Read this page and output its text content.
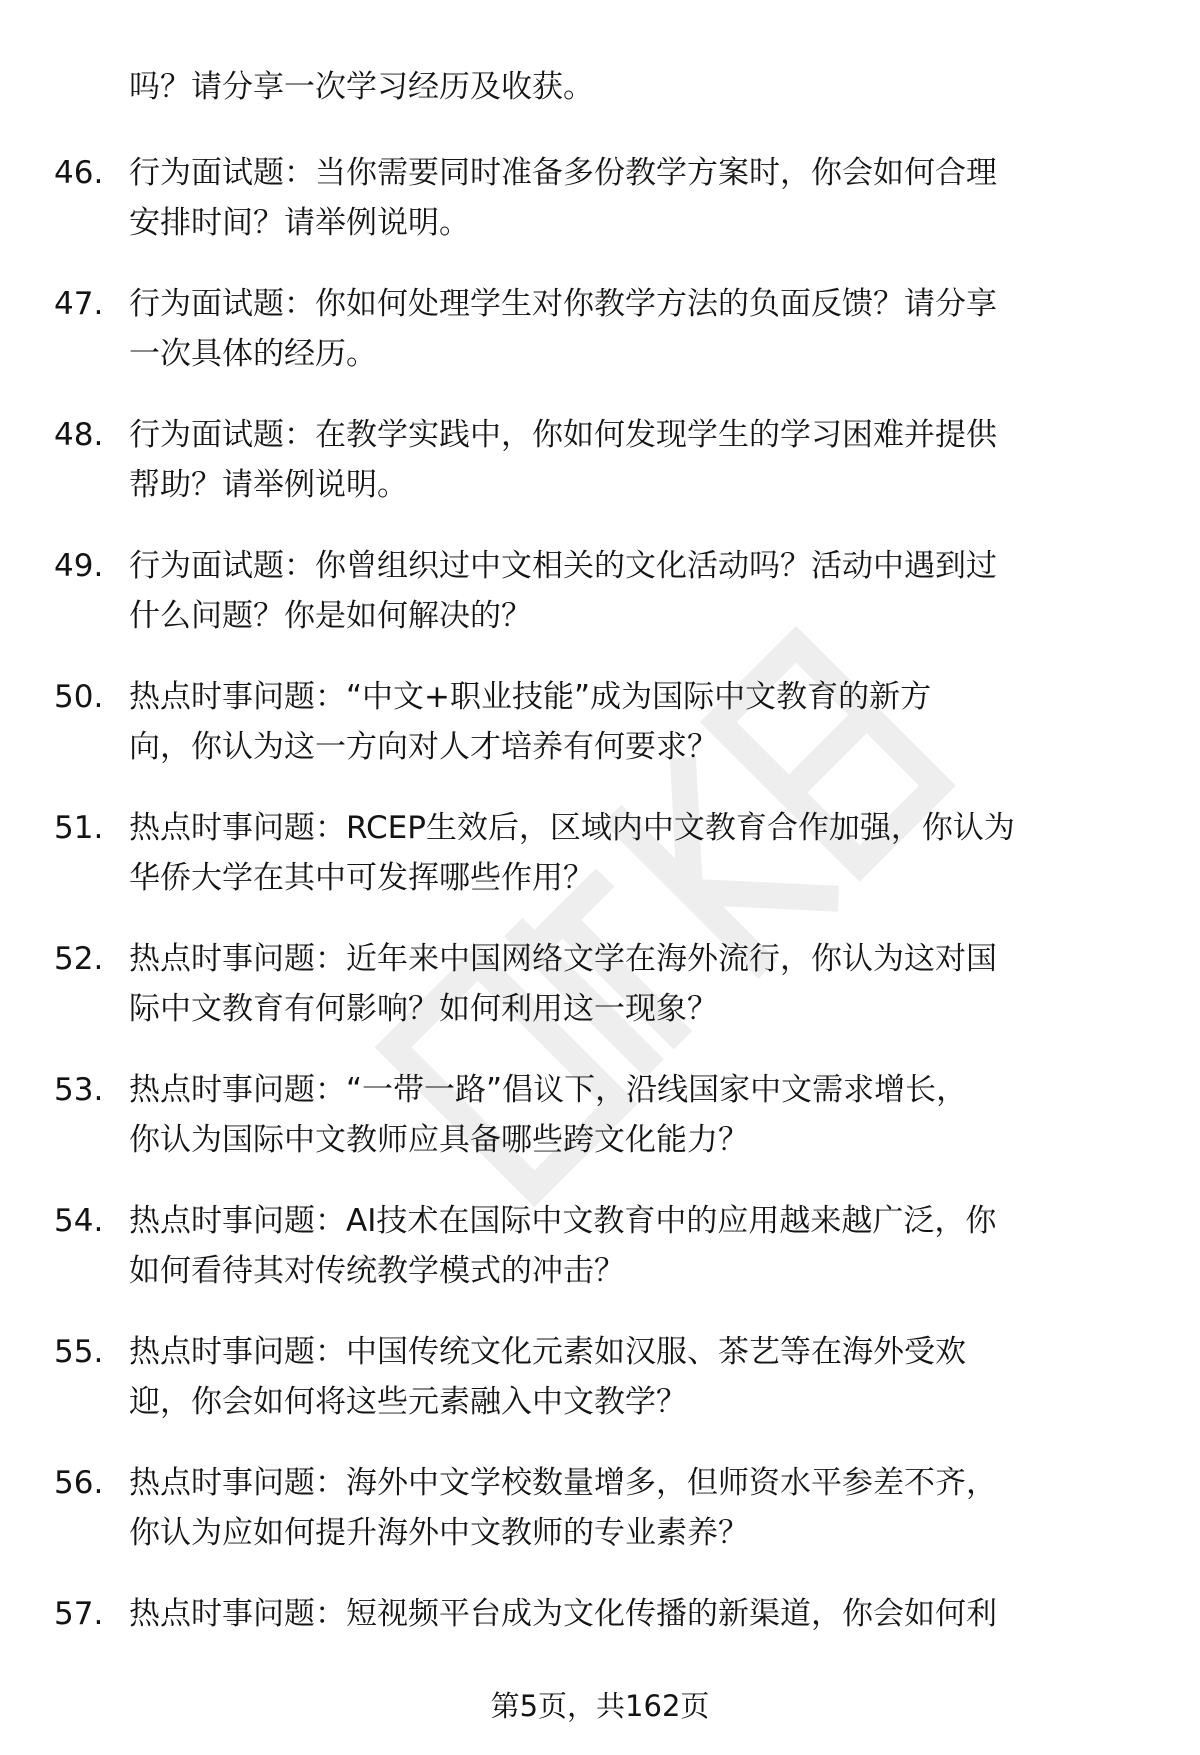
吗？请分享一次学习经历及收获。

46. 行为面试题：当你需要同时准备多份教学方案时，你会如何合理
安排时间？请举例说明。
47. 行为面试题：你如何处理学生对你教学方法的负面反馈？请分享
一次具体的经历。
48. 行为面试题：在教学实践中，你如何发现学生的学习困难并提供
帮助？请举例说明。
49. 行为面试题：你曾组织过中文相关的文化活动吗？活动中遇到过
什么问题？你是如何解决的？
50. 热点时事问题：“中文+职业技能”成为国际中文教育的新方
向，你认为这一方向对人才培养有何要求？
51. 热点时事问题：RCEP生效后，区域内中文教育合作加强，你认为
华侨大学在其中可发挥哪些作用？
52. 热点时事问题：近年来中国网络文学在海外流行，你认为这对国
际中文教育有何影响？如何利用这一现象？
53. 热点时事问题：“一带一路”倡议下，沿线国家中文需求增长，
你认为国际中文教师应具备哪些跨文化能力？
54. 热点时事问题：AI技术在国际中文教育中的应用越来越广泛，你
如何看待其对传统教学模式的冲击？
55. 热点时事问题：中国传统文化元素如汉服、茶艺等在海外受欢
迎，你会如何将这些元素融入中文教学？
56. 热点时事问题：海外中文学校数量增多，但师资水平参差不齐，
你认为应如何提升海外中文教师的专业素养？
57. 热点时事问题：短视频平台成为文化传播的新渠道，你会如何利
第5页，共162页
